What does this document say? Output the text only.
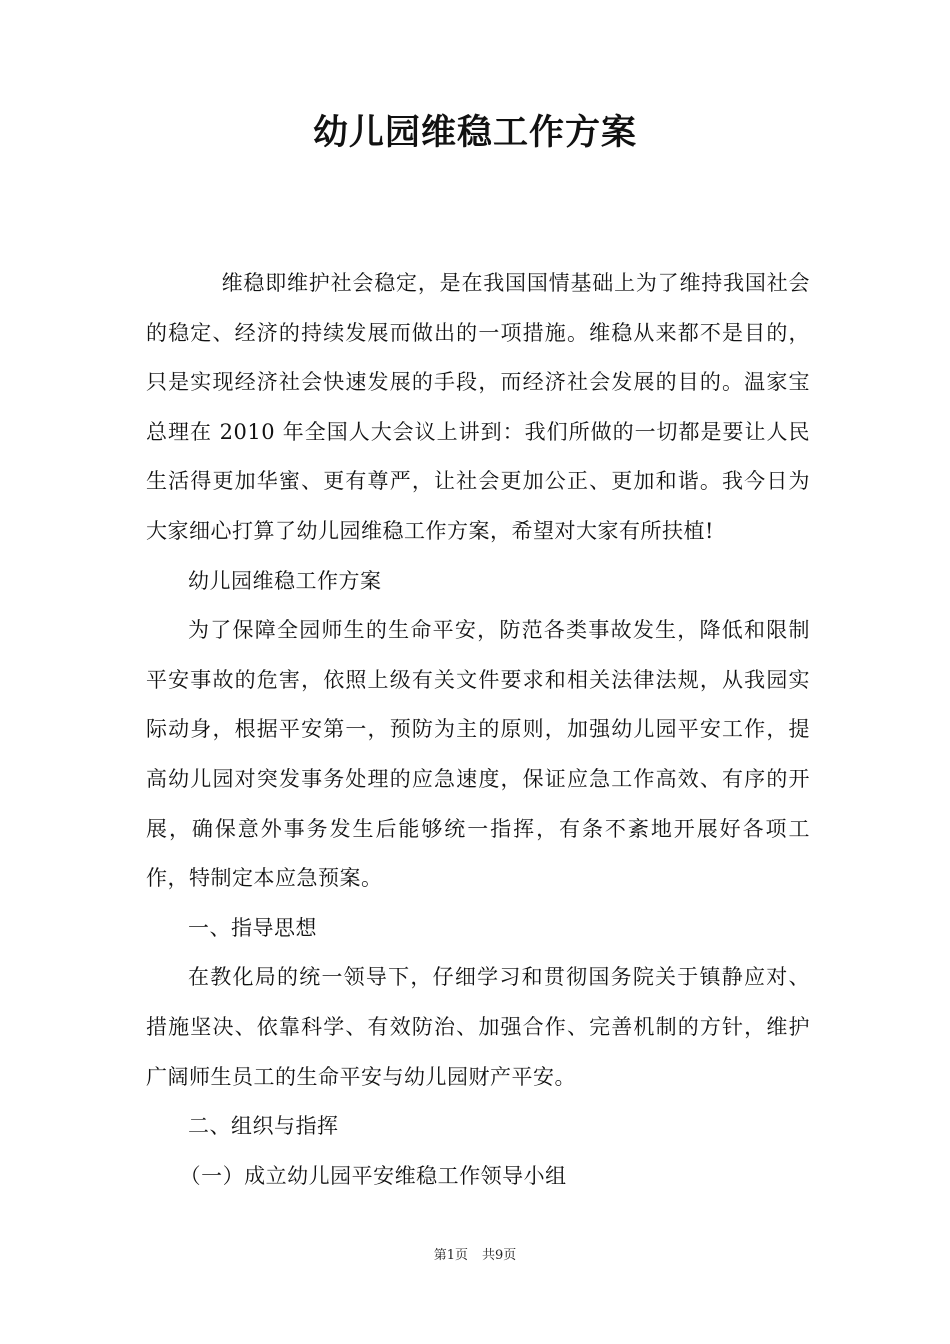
幼儿园维稳工作方案

维稳即维护社会稳定，是在我国国情基础上为了维持我国社会的稳定、经济的持续发展而做出的一项措施。维稳从来都不是目的，只是实现经济社会快速发展的手段，而经济社会发展的目的。温家宝总理在 2010 年全国人大会议上讲到：我们所做的一切都是要让人民生活得更加华蜜、更有尊严，让社会更加公正、更加和谐。我今日为大家细心打算了幼儿园维稳工作方案，希望对大家有所扶植!

幼儿园维稳工作方案

为了保障全园师生的生命平安，防范各类事故发生，降低和限制平安事故的危害，依照上级有关文件要求和相关法律法规，从我园实际动身，根据平安第一，预防为主的原则，加强幼儿园平安工作，提高幼儿园对突发事务处理的应急速度，保证应急工作高效、有序的开展，确保意外事务发生后能够统一指挥，有条不紊地开展好各项工作，特制定本应急预案。

一、指导思想

在教化局的统一领导下，仔细学习和贯彻国务院关于镇静应对、措施坚决、依靠科学、有效防治、加强合作、完善机制的方针，维护广阔师生员工的生命平安与幼儿园财产平安。

二、组织与指挥

（一）成立幼儿园平安维稳工作领导小组

第1页 共9页
